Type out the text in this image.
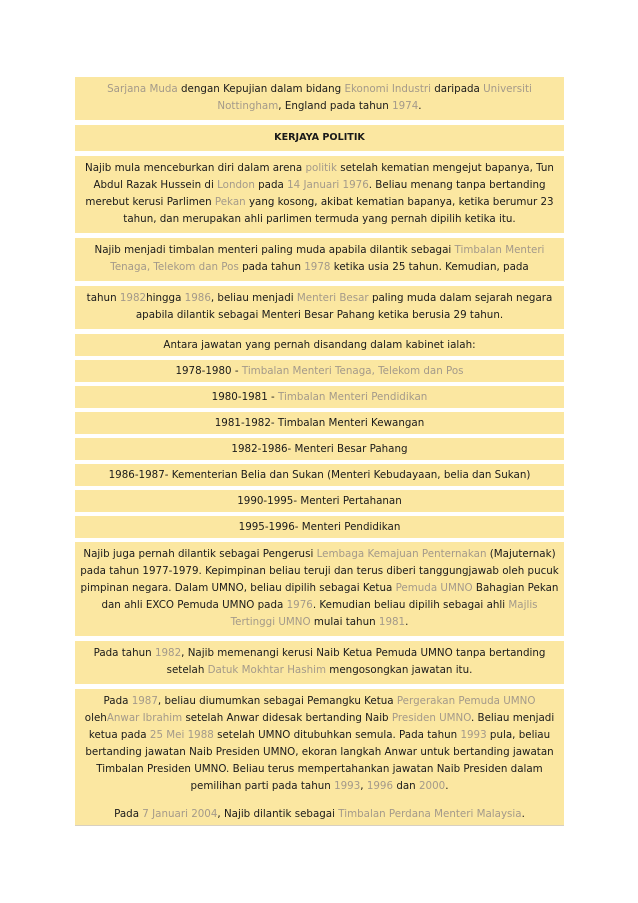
Sarjana Muda dengan Kepujian dalam bidang Ekonomi Industri daripada Universiti Nottingham, England pada tahun 1974.
KERJAYA POLITIK
Najib mula menceburkan diri dalam arena politik setelah kematian mengejut bapanya, Tun Abdul Razak Hussein di London pada 14 Januari 1976. Beliau menang tanpa bertanding merebut kerusi Parlimen Pekan yang kosong, akibat kematian bapanya, ketika berumur 23 tahun, dan merupakan ahli parlimen termuda yang pernah dipilih ketika itu.
Najib menjadi timbalan menteri paling muda apabila dilantik sebagai Timbalan Menteri Tenaga, Telekom dan Pos pada tahun 1978 ketika usia 25 tahun. Kemudian, pada
tahun 1982hingga 1986, beliau menjadi Menteri Besar paling muda dalam sejarah negara apabila dilantik sebagai Menteri Besar Pahang ketika berusia 29 tahun.
Antara jawatan yang pernah disandang dalam kabinet ialah:
1978-1980 - Timbalan Menteri Tenaga, Telekom dan Pos
1980-1981 - Timbalan Menteri Pendidikan
1981-1982- Timbalan Menteri Kewangan
1982-1986- Menteri Besar Pahang
1986-1987- Kementerian Belia dan Sukan (Menteri Kebudayaan, belia dan Sukan)
1990-1995- Menteri Pertahanan
1995-1996- Menteri Pendidikan
Najib juga pernah dilantik sebagai Pengerusi Lembaga Kemajuan Penternakan (Majuternak) pada tahun 1977-1979. Kepimpinan beliau teruji dan terus diberi tanggungjawab oleh pucuk pimpinan negara. Dalam UMNO, beliau dipilih sebagai Ketua Pemuda UMNO Bahagian Pekan dan ahli EXCO Pemuda UMNO pada 1976. Kemudian beliau dipilih sebagai ahli Majlis Tertinggi UMNO mulai tahun 1981.
Pada tahun 1982, Najib memenangi kerusi Naib Ketua Pemuda UMNO tanpa bertanding setelah Datuk Mokhtar Hashim mengosongkan jawatan itu.
Pada 1987, beliau diumumkan sebagai Pemangku Ketua Pergerakan Pemuda UMNO olehAnwar Ibrahim setelah Anwar didesak bertanding Naib Presiden UMNO. Beliau menjadi ketua pada 25 Mei 1988 setelah UMNO ditubuhkan semula. Pada tahun 1993 pula, beliau bertanding jawatan Naib Presiden UMNO, ekoran langkah Anwar untuk bertanding jawatan Timbalan Presiden UMNO. Beliau terus mempertahankan jawatan Naib Presiden dalam pemilihan parti pada tahun 1993, 1996 dan 2000.
Pada 7 Januari 2004, Najib dilantik sebagai Timbalan Perdana Menteri Malaysia.
